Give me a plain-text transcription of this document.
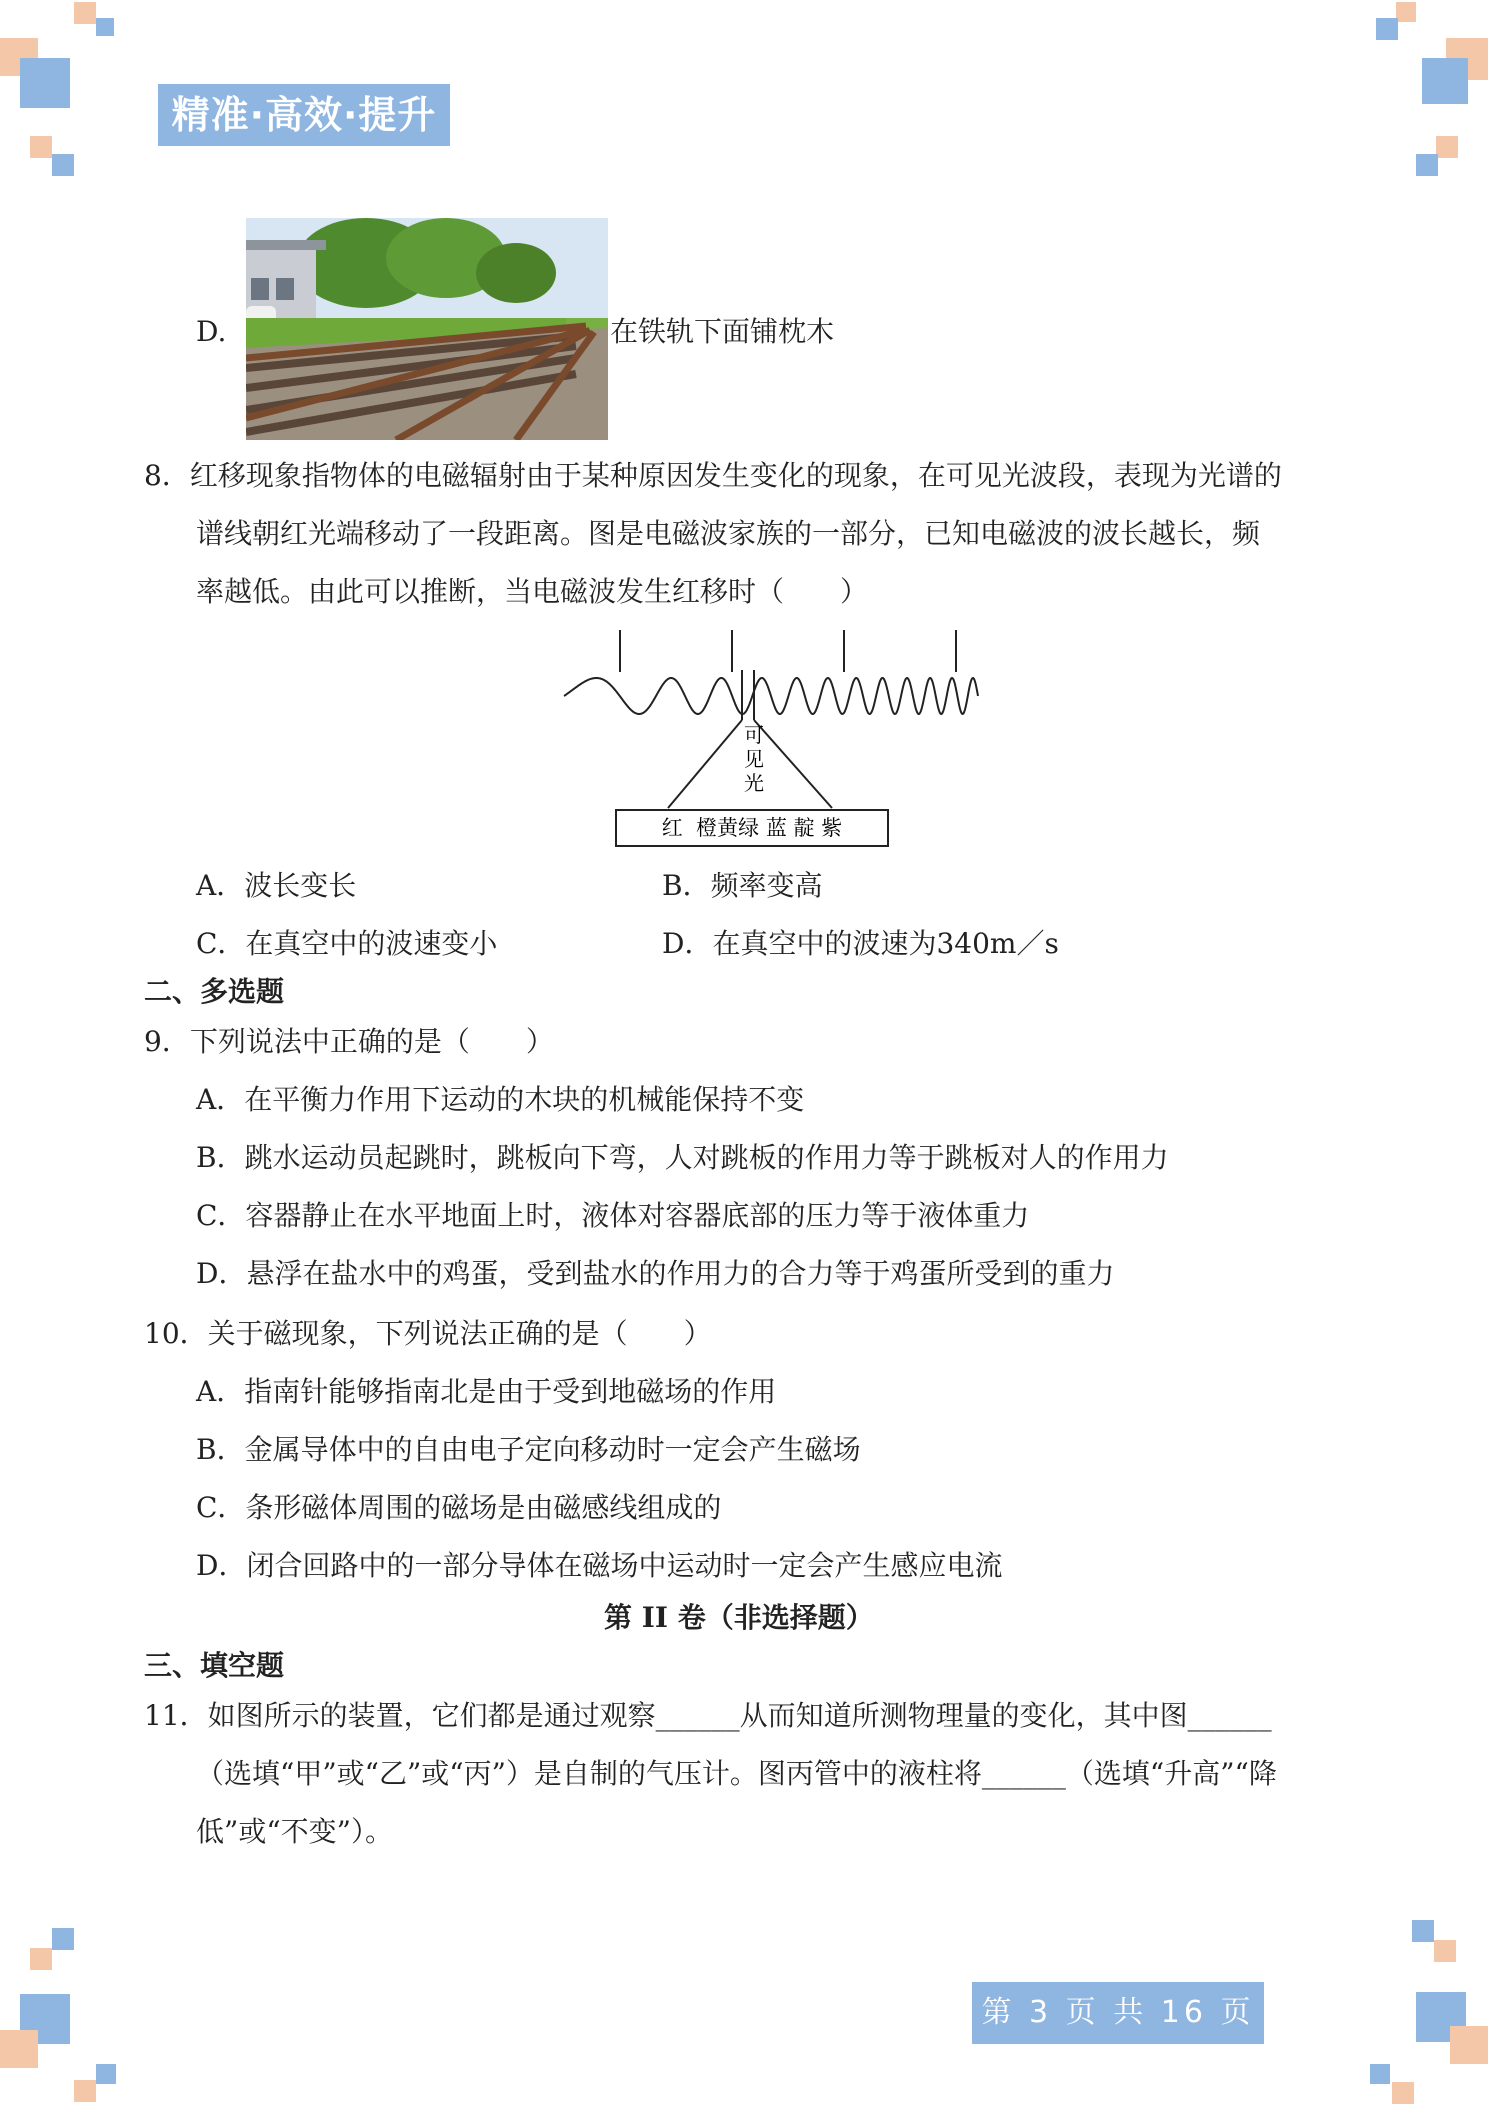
精准·高效·提升
D.	在铁轨下面铺枕木
8．红移现象指物体的电磁辐射由于某种原因发生变化的现象，在可见光波段，表现为光谱的
谱线朝红光端移动了一段距离。图是电磁波家族的一部分，已知电磁波的波长越长，频
率越低。由此可以推断，当电磁波发生红移时（　　）
可
见
光
红  橙黄绿 蓝 靛 紫
A．波长变长	B．频率变高
C．在真空中的波速变小	D．在真空中的波速为340m／s
二、多选题
9．下列说法中正确的是（　　）
A．在平衡力作用下运动的木块的机械能保持不变
B．跳水运动员起跳时，跳板向下弯，人对跳板的作用力等于跳板对人的作用力
C．容器静止在水平地面上时，液体对容器底部的压力等于液体重力
D．悬浮在盐水中的鸡蛋，受到盐水的作用力的合力等于鸡蛋所受到的重力
10．关于磁现象，下列说法正确的是（　　）
A．指南针能够指南北是由于受到地磁场的作用
B．金属导体中的自由电子定向移动时一定会产生磁场
C．条形磁体周围的磁场是由磁感线组成的
D．闭合回路中的一部分导体在磁场中运动时一定会产生感应电流
第 II 卷（非选择题）
三、填空题
11．如图所示的装置，它们都是通过观察______从而知道所测物理量的变化，其中图______
（选填“甲”或“乙”或“丙”）是自制的气压计。图丙管中的液柱将______（选填“升高”“降
低”或“不变”）。
第 3 页 共 16 页
